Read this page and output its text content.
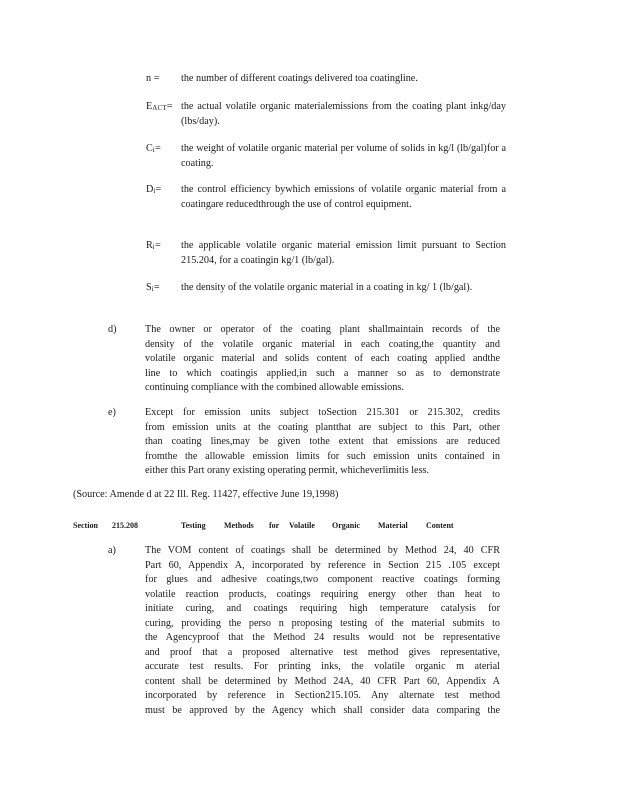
n =	the number of different coatings delivered toa coatingline.
EACT= the actual volatile organic materialemissions from the coating plant inkg/day (lbs/day).
Ci=	the weight of volatile organic material per volume of solids in kg/l (lb/gal)for a coating.
Di=	the control efficiency bywhich emissions of volatile organic material from a coatingare reducedthrough the use of control equipment.
Ri=	the applicable volatile organic material emission limit pursuant to Section 215.204, for a coatingin kg/1 (lb/gal).
Si=	the density of the volatile organic material in a coating in kg/ 1 (lb/gal).
d)	The owner or operator of the coating plant shallmaintain records of the
density of the volatile organic material in each coating,the quantity and
volatile organic material and solids content of each coating applied andthe
line to which coatingis applied,in such a manner so as to demonstrate
continuing compliance with the combined allowable emissions.
e)	Except for emission units subject toSection 215.301 or 215.302, credits
from emission units at the coating plantthat are subject to this Part, other
than coating lines,may be given tothe extent that emissions are reduced
fromthe the allowable emission limits for such emission units contained in
either this Part orany existing operating permit, whicheverlimitis less.
(Source: Amende d at 22 Ill. Reg. 11427, effective June 19,1998)
Section 215.208	Testing Methods for Volatile Organic Material Content
a)	The VOM content of coatings shall be determined by Method 24, 40 CFR
Part 60, Appendix A, incorporated by reference in Section 215 .105 except
for glues and adhesive coatings,two component reactive coatings forming
volatile reaction products, coatings requiring energy other than heat to
initiate curing, and coatings requiring high temperature catalysis for
curing, providing the perso n proposing testing of the material submits to
the Agencyproof that the Method 24 results would not be representative
and proof that a proposed alternative test method gives representative,
accurate test results. For printing inks, the volatile organic m aterial
content shall be determined by Method 24A, 40 CFR Part 60, Appendix A
incorporated by reference in Section215.105. Any alternate test method
must be approved by the Agency which shall consider data comparing the
